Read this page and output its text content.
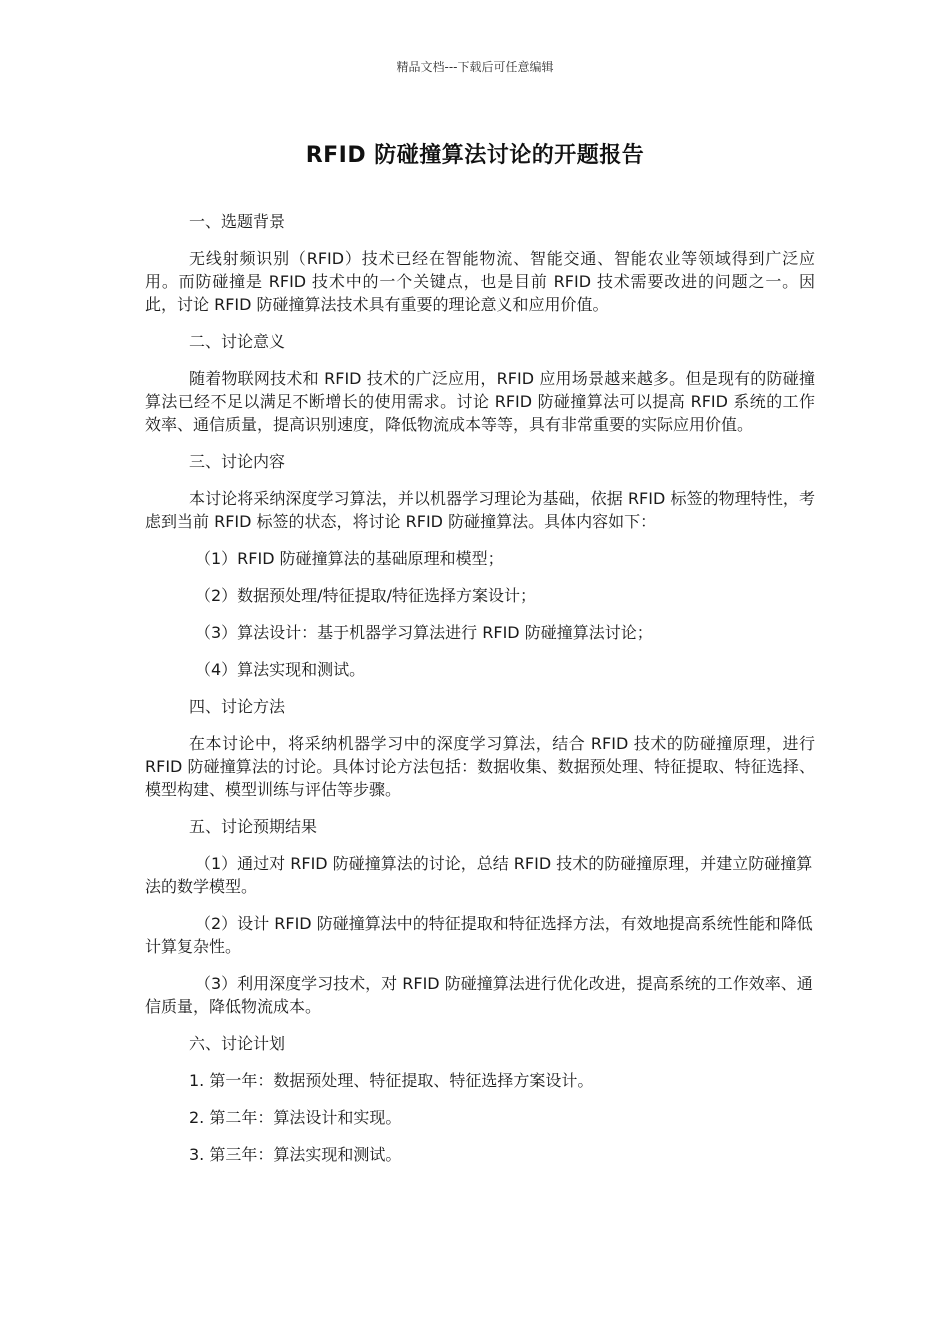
精品文档---下载后可任意编辑
RFID 防碰撞算法讨论的开题报告
一、选题背景
无线射频识别（RFID）技术已经在智能物流、智能交通、智能农业等领域得到广泛应用。而防碰撞是 RFID 技术中的一个关键点，也是目前 RFID 技术需要改进的问题之一。因此，讨论 RFID 防碰撞算法技术具有重要的理论意义和应用价值。
二、讨论意义
随着物联网技术和 RFID 技术的广泛应用，RFID 应用场景越来越多。但是现有的防碰撞算法已经不足以满足不断增长的使用需求。讨论 RFID 防碰撞算法可以提高 RFID 系统的工作效率、通信质量，提高识别速度，降低物流成本等等，具有非常重要的实际应用价值。
三、讨论内容
本讨论将采纳深度学习算法，并以机器学习理论为基础，依据 RFID 标签的物理特性，考虑到当前 RFID 标签的状态，将讨论 RFID 防碰撞算法。具体内容如下：
（1）RFID 防碰撞算法的基础原理和模型；
（2）数据预处理/特征提取/特征选择方案设计；
（3）算法设计：基于机器学习算法进行 RFID 防碰撞算法讨论；
（4）算法实现和测试。
四、讨论方法
在本讨论中，将采纳机器学习中的深度学习算法，结合 RFID 技术的防碰撞原理，进行 RFID 防碰撞算法的讨论。具体讨论方法包括：数据收集、数据预处理、特征提取、特征选择、模型构建、模型训练与评估等步骤。
五、讨论预期结果
（1）通过对 RFID 防碰撞算法的讨论，总结 RFID 技术的防碰撞原理，并建立防碰撞算法的数学模型。
（2）设计 RFID 防碰撞算法中的特征提取和特征选择方法，有效地提高系统性能和降低计算复杂性。
（3）利用深度学习技术，对 RFID 防碰撞算法进行优化改进，提高系统的工作效率、通信质量，降低物流成本。
六、讨论计划
1. 第一年：数据预处理、特征提取、特征选择方案设计。
2. 第二年：算法设计和实现。
3. 第三年：算法实现和测试。
